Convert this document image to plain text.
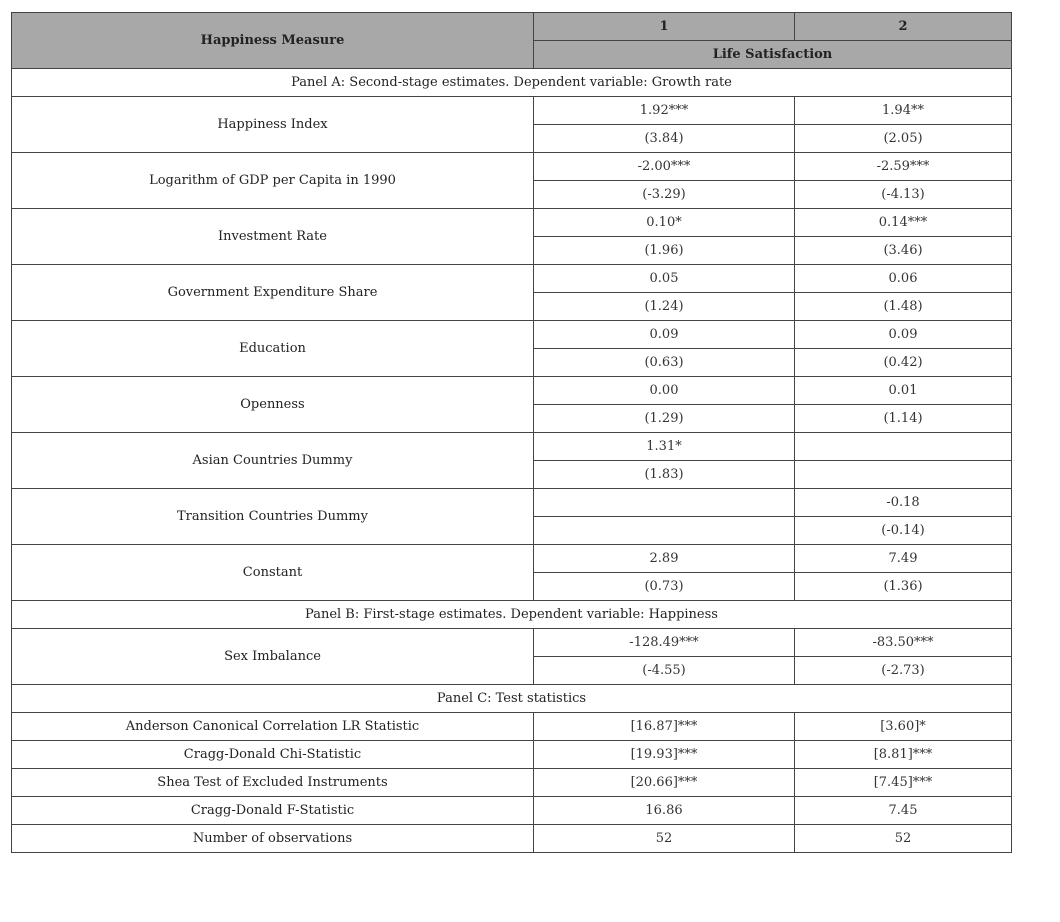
Happiness Measure	1	2
	Life Satisfaction	
Panel A: Second-stage estimates. Dependent variable: Growth rate		
Happiness Index	1.92***	1.94**
	(3.84)	(2.05)
Logarithm of GDP per Capita in 1990	-2.00***	-2.59***
	(-3.29)	(-4.13)
Investment Rate	0.10*	0.14***
	(1.96)	(3.46)
Government Expenditure Share	0.05	0.06
	(1.24)	(1.48)
Education	0.09	0.09
	(0.63)	(0.42)
Openness	0.00	0.01
	(1.29)	(1.14)
Asian Countries Dummy	1.31*	
	(1.83)	
Transition Countries Dummy		-0.18
		(-0.14)
Constant	2.89	7.49
	(0.73)	(1.36)
Panel B: First-stage estimates. Dependent variable: Happiness		
Sex Imbalance	-128.49***	-83.50***
	(-4.55)	(-2.73)
Panel C: Test statistics		
Anderson Canonical Correlation LR Statistic	[16.87]***	[3.60]*
Cragg-Donald Chi-Statistic	[19.93]***	[8.81]***
Shea Test of Excluded Instruments	[20.66]***	[7.45]***
Cragg-Donald F-Statistic	16.86	7.45
Number of observations	52	52
